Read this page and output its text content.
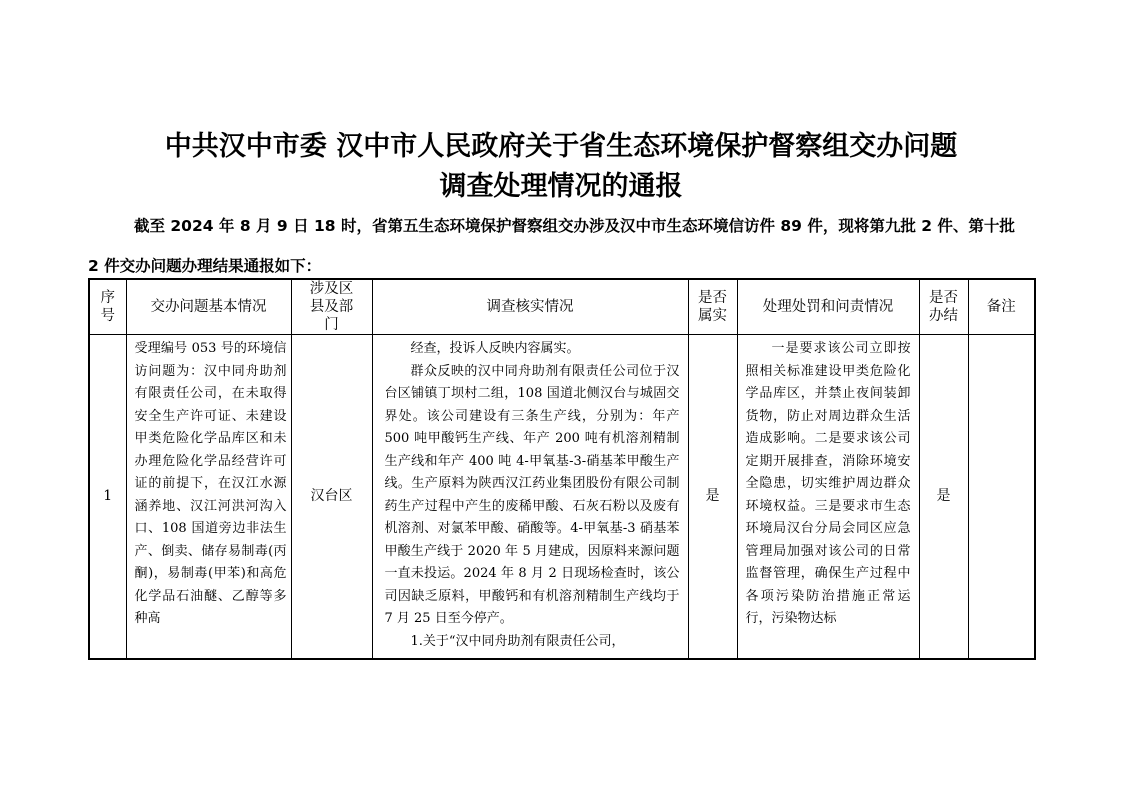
中共汉中市委 汉中市人民政府关于省生态环境保护督察组交办问题
调查处理情况的通报
截至 2024 年 8 月 9 日 18 时，省第五生态环境保护督察组交办涉及汉中市生态环境信访件 89 件，现将第九批 2 件、第十批
2 件交办问题办理结果通报如下：
序号	交办问题基本情况	涉及区县及部门	调查核实情况	是否属实	处理处罚和问责情况	是否办结	备注
1	受理编号 053 号的环境信访问题为：汉中同舟助剂有限责任公司，在未取得安全生产许可证、未建设甲类危险化学品库区和未办理危险化学品经营许可证的前提下，在汉江水源涵养地、汉江河洪河沟入口、108 国道旁边非法生产、倒卖、储存易制毒(丙酮)，易制毒(甲苯)和高危化学品石油醚、乙醇等多种高	汉台区	经查，投诉人反映内容属实。

群众反映的汉中同舟助剂有限责任公司位于汉台区铺镇丁坝村二组，108 国道北侧汉台与城固交界处。该公司建设有三条生产线，分别为：年产 500 吨甲酸钙生产线、年产 200 吨有机溶剂精制生产线和年产 400 吨 4-甲氧基-3-硝基苯甲酸生产线。生产原料为陕西汉江药业集团股份有限公司制药生产过程中产生的废稀甲酸、石灰石粉以及废有机溶剂、对氯苯甲酸、硝酸等。4-甲氧基-3 硝基苯甲酸生产线于 2020 年 5 月建成，因原料来源问题一直未投运。2024 年 8 月 2 日现场检查时，该公司因缺乏原料，甲酸钙和有机溶剂精制生产线均于 7 月 25 日至今停产。

1.关于“汉中同舟助剂有限责任公司，	是	一是要求该公司立即按照相关标准建设甲类危险化学品库区，并禁止夜间装卸货物，防止对周边群众生活造成影响。二是要求该公司定期开展排查，消除环境安全隐患，切实维护周边群众环境权益。三是要求市生态环境局汉台分局会同区应急管理局加强对该公司的日常监督管理，确保生产过程中各项污染防治措施正常运行，污染物达标	是	
